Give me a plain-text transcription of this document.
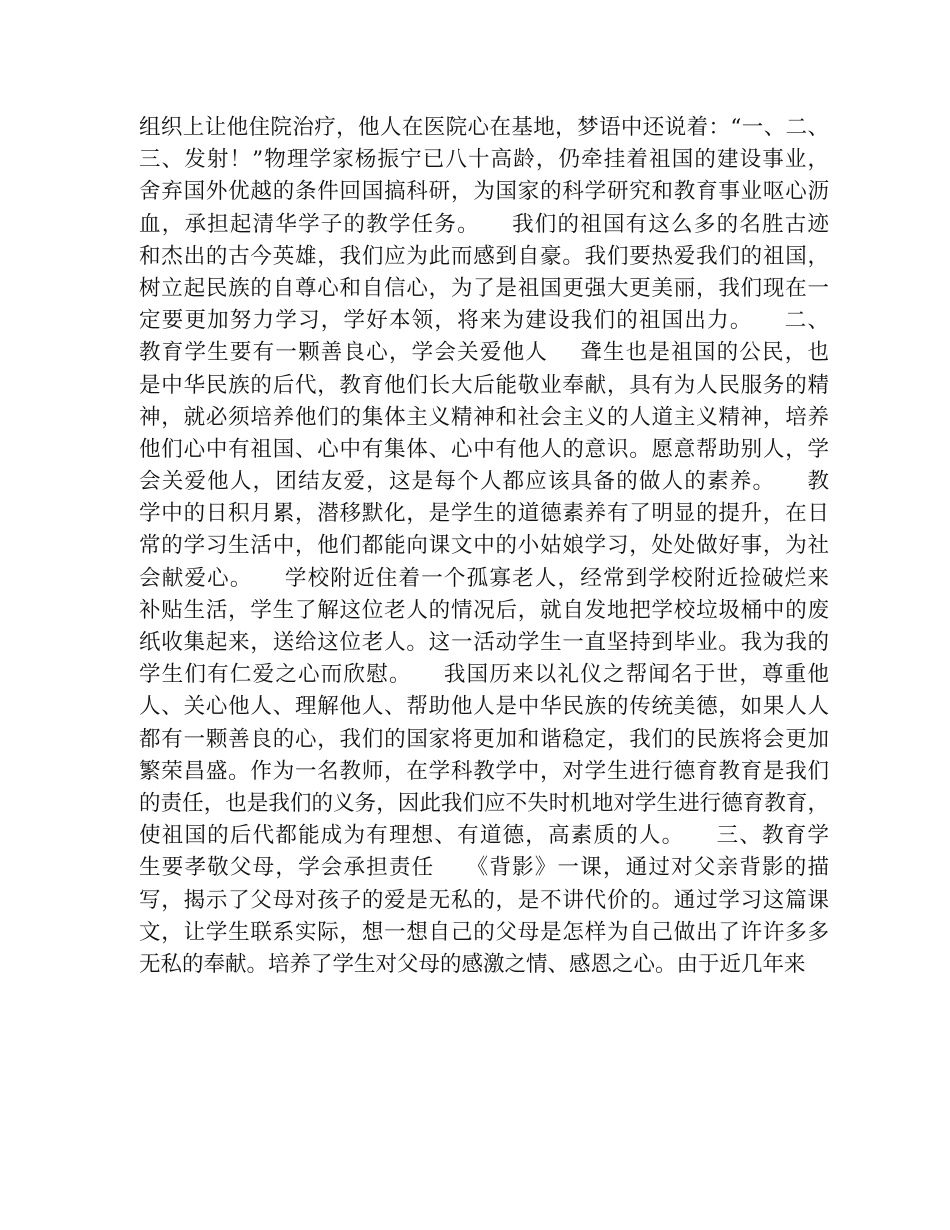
组织上让他住院治疗，他人在医院心在基地，梦语中还说着：“一、二、
三、发射！”物理学家杨振宁已八十高龄，仍牵挂着祖国的建设事业，
舍弃国外优越的条件回国搞科研，为国家的科学研究和教育事业呕心沥
血，承担起清华学子的教学任务。    我们的祖国有这么多的名胜古迹
和杰出的古今英雄，我们应为此而感到自豪。我们要热爱我们的祖国，
树立起民族的自尊心和自信心，为了是祖国更强大更美丽，我们现在一
定要更加努力学习，学好本领，将来为建设我们的祖国出力。    二、
教育学生要有一颗善良心，学会关爱他人    聋生也是祖国的公民，也
是中华民族的后代，教育他们长大后能敬业奉献，具有为人民服务的精
神，就必须培养他们的集体主义精神和社会主义的人道主义精神，培养
他们心中有祖国、心中有集体、心中有他人的意识。愿意帮助别人，学
会关爱他人，团结友爱，这是每个人都应该具备的做人的素养。    教
学中的日积月累，潜移默化，是学生的道德素养有了明显的提升，在日
常的学习生活中，他们都能向课文中的小姑娘学习，处处做好事，为社
会献爱心。    学校附近住着一个孤寡老人，经常到学校附近捡破烂来
补贴生活，学生了解这位老人的情况后，就自发地把学校垃圾桶中的废
纸收集起来，送给这位老人。这一活动学生一直坚持到毕业。我为我的
学生们有仁爱之心而欣慰。    我国历来以礼仪之帮闻名于世，尊重他
人、关心他人、理解他人、帮助他人是中华民族的传统美德，如果人人
都有一颗善良的心，我们的国家将更加和谐稳定，我们的民族将会更加
繁荣昌盛。作为一名教师，在学科教学中，对学生进行德育教育是我们
的责任，也是我们的义务，因此我们应不失时机地对学生进行德育教育，
使祖国的后代都能成为有理想、有道德，高素质的人。    三、教育学
生要孝敬父母，学会承担责任    《背影》一课，通过对父亲背影的描
写，揭示了父母对孩子的爱是无私的，是不讲代价的。通过学习这篇课
文，让学生联系实际，想一想自己的父母是怎样为自己做出了许许多多
无私的奉献。培养了学生对父母的感激之情、感恩之心。由于近几年来
